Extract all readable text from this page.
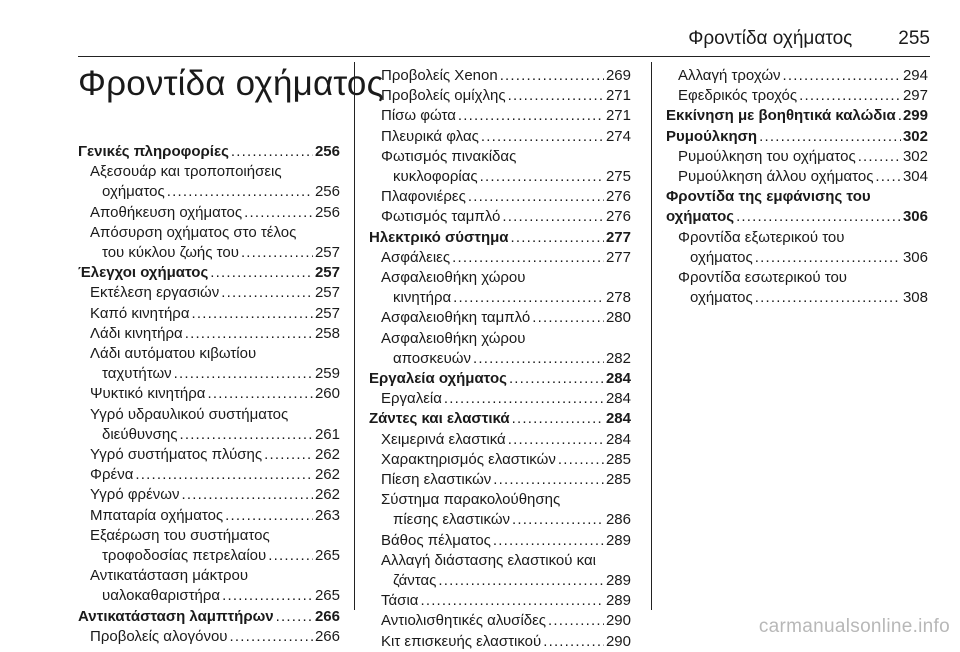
Φροντίδα οχήματος 255
Φροντίδα οχήματος
Γενικές πληροφορίες .....	256
Αξεσουάρ και τροποποιήσεις
οχήματος .....	256
Αποθήκευση οχήματος .....	256
Απόσυρση οχήματος στο τέλος
του κύκλου ζωής του .....	257
Έλεγχοι οχήματος .....	257
Εκτέλεση εργασιών .....	257
Καπό κινητήρα .....	257
Λάδι κινητήρα .....	258
Λάδι αυτόματου κιβωτίου
ταχυτήτων .....	259
Ψυκτικό κινητήρα .....	260
Υγρό υδραυλικού συστήματος
διεύθυνσης .....	261
Υγρό συστήματος πλύσης .....	262
Φρένα .....	262
Υγρό φρένων .....	262
Μπαταρία οχήματος .....	263
Εξαέρωση του συστήματος
τροφοδοσίας πετρελαίου .....	265
Αντικατάσταση μάκτρου
υαλοκαθαριστήρα .....	265
Αντικατάσταση λαμπτήρων .....	266
Προβολείς αλογόνου .....	266
Προβολείς Xenon .....	269
Προβολείς ομίχλης .....	271
Πίσω φώτα .....	271
Πλευρικά φλας .....	274
Φωτισμός πινακίδας
κυκλοφορίας .....	275
Πλαφονιέρες .....	276
Φωτισμός ταμπλό .....	276
Ηλεκτρικό σύστημα .....	277
Ασφάλειες .....	277
Ασφαλειοθήκη χώρου
κινητήρα .....	278
Ασφαλειοθήκη ταμπλό .....	280
Ασφαλειοθήκη χώρου
αποσκευών .....	282
Εργαλεία οχήματος .....	284
Εργαλεία .....	284
Ζάντες και ελαστικά .....	284
Χειμερινά ελαστικά .....	284
Χαρακτηρισμός ελαστικών .....	285
Πίεση ελαστικών .....	285
Σύστημα παρακολούθησης
πίεσης ελαστικών .....	286
Βάθος πέλματος .....	289
Αλλαγή διάστασης ελαστικού και
ζάντας .....	289
Τάσια .....	289
Αντιολισθητικές αλυσίδες .....	290
Κιτ επισκευής ελαστικού .....	290
Αλλαγή τροχών .....	294
Εφεδρικός τροχός .....	297
Εκκίνηση με βοηθητικά καλώδια ..... 299
Ρυμούλκηση .....	302
Ρυμούλκηση του οχήματος .....	302
Ρυμούλκηση άλλου οχήματος ..... 304
Φροντίδα της εμφάνισης του
οχήματος .....	306
Φροντίδα εξωτερικού του
οχήματος .....	306
Φροντίδα εσωτερικού του
οχήματος .....	308
carmanualsonline.info
